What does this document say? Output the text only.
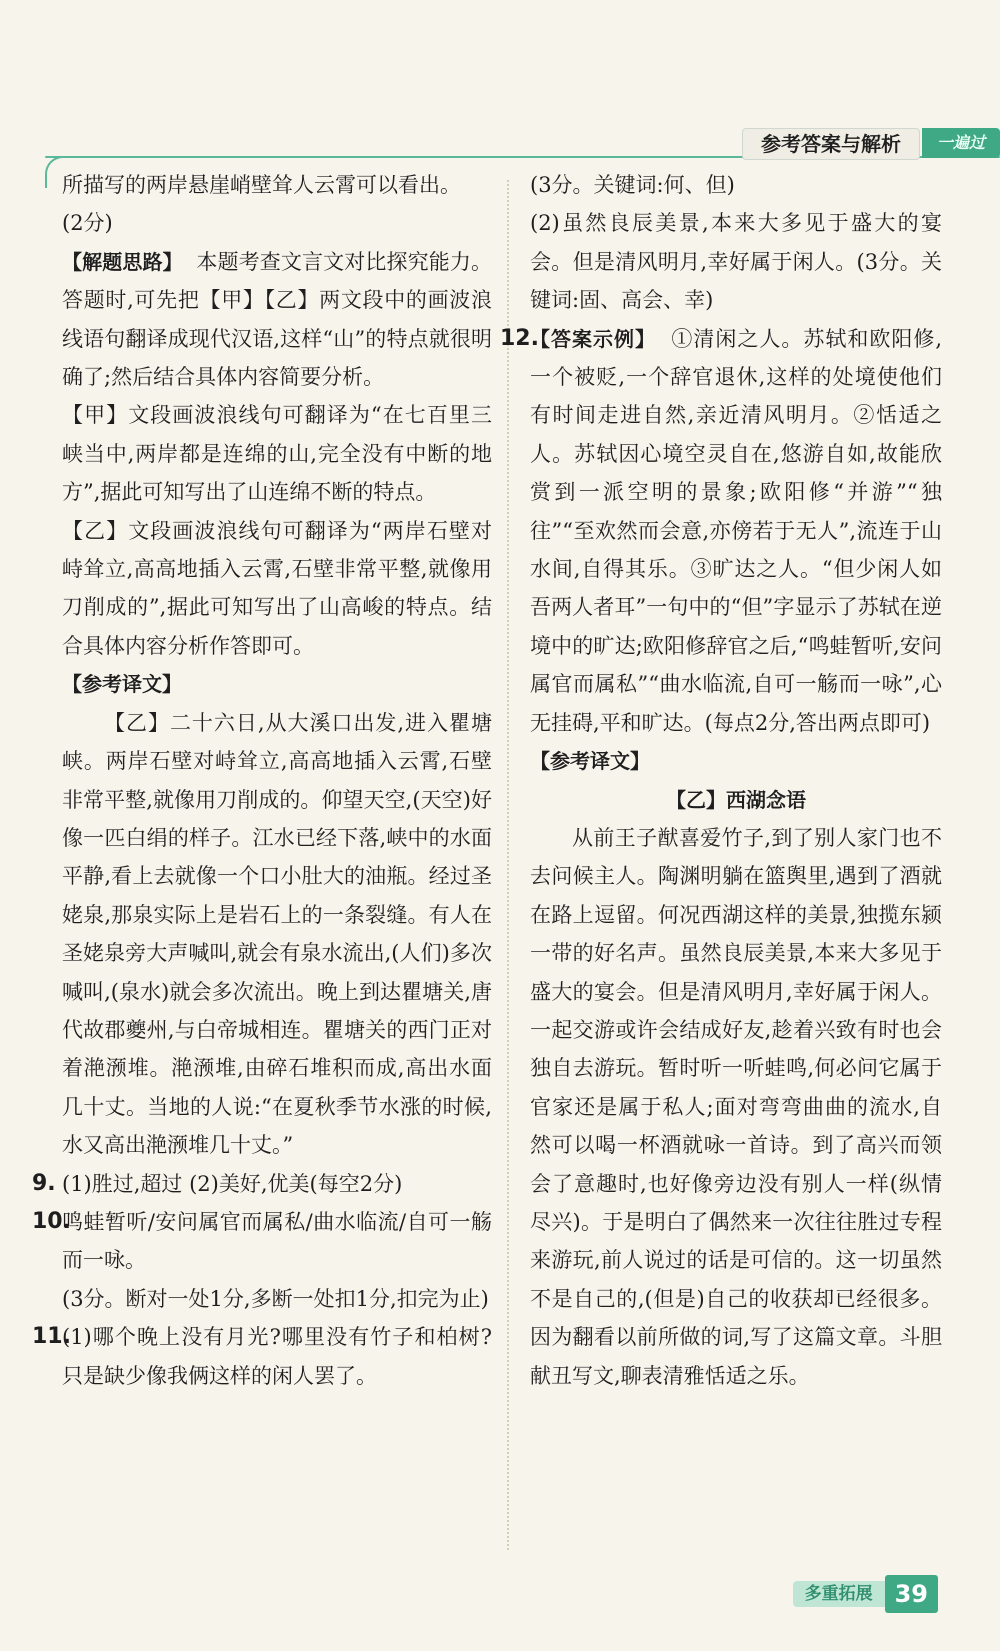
参考答案与解析	一遍过

所描写的两岸悬崖峭壁耸人云霄可以看出。

(2分)

【解题思路】 本题考查文言文对比探究能力。答题时,可先把【甲】【乙】两文段中的画波浪线语句翻译成现代汉语,这样“山”的特点就很明确了;然后结合具体内容简要分析。

【甲】文段画波浪线句可翻译为“在七百里三峡当中,两岸都是连绵的山,完全没有中断的地方”,据此可知写出了山连绵不断的特点。

【乙】文段画波浪线句可翻译为“两岸石壁对峙耸立,高高地插入云霄,石壁非常平整,就像用刀削成的”,据此可知写出了山高峻的特点。结合具体内容分析作答即可。

【参考译文】

【乙】二十六日,从大溪口出发,进入瞿塘峡。两岸石壁对峙耸立,高高地插入云霄,石壁非常平整,就像用刀削成的。仰望天空,(天空)好像一匹白绢的样子。江水已经下落,峡中的水面平静,看上去就像一个口小肚大的油瓶。经过圣姥泉,那泉实际上是岩石上的一条裂缝。有人在圣姥泉旁大声喊叫,就会有泉水流出,(人们)多次喊叫,(泉水)就会多次流出。晚上到达瞿塘关,唐代故郡夔州,与白帝城相连。瞿塘关的西门正对着滟滪堆。滟滪堆,由碎石堆积而成,高出水面几十丈。当地的人说:“在夏秋季节水涨的时候,水又高出滟滪堆几十丈。”

9. (1)胜过,超过 (2)美好,优美(每空2分)

10.

鸣蛙暂听/安问属官而属私/曲水临流/自可一觞而一咏。

(3分。断对一处1分,多断一处扣1分,扣完为止)

11.

(1)哪个晚上没有月光?哪里没有竹子和柏树?只是缺少像我俩这样的闲人罢了。

(3分。关键词:何、但)

(2)虽然良辰美景,本来大多见于盛大的宴会。但是清风明月,幸好属于闲人。(3分。关键词:固、高会、幸)

12.

【答案示例】 ①清闲之人。苏轼和欧阳修,一个被贬,一个辞官退休,这样的处境使他们有时间走进自然,亲近清风明月。②恬适之人。苏轼因心境空灵自在,悠游自如,故能欣赏到一派空明的景象;欧阳修“并游”“独往”“至欢然而会意,亦傍若于无人”,流连于山水间,自得其乐。③旷达之人。“但少闲人如吾两人者耳”一句中的“但”字显示了苏轼在逆境中的旷达;欧阳修辞官之后,“鸣蛙暂听,安问属官而属私”“曲水临流,自可一觞而一咏”,心无挂碍,平和旷达。(每点2分,答出两点即可)

【参考译文】

【乙】西湖念语

从前王子猷喜爱竹子,到了别人家门也不去问候主人。陶渊明躺在篮舆里,遇到了酒就在路上逗留。何况西湖这样的美景,独揽东颍一带的好名声。虽然良辰美景,本来大多见于盛大的宴会。但是清风明月,幸好属于闲人。一起交游或许会结成好友,趁着兴致有时也会独自去游玩。暂时听一听蛙鸣,何必问它属于官家还是属于私人;面对弯弯曲曲的流水,自然可以喝一杯酒就咏一首诗。到了高兴而领会了意趣时,也好像旁边没有别人一样(纵情尽兴)。于是明白了偶然来一次往往胜过专程来游玩,前人说过的话是可信的。这一切虽然不是自己的,(但是)自己的收获却已经很多。因为翻看以前所做的词,写了这篇文章。斗胆献丑写文,聊表清雅恬适之乐。

多重拓展 39
